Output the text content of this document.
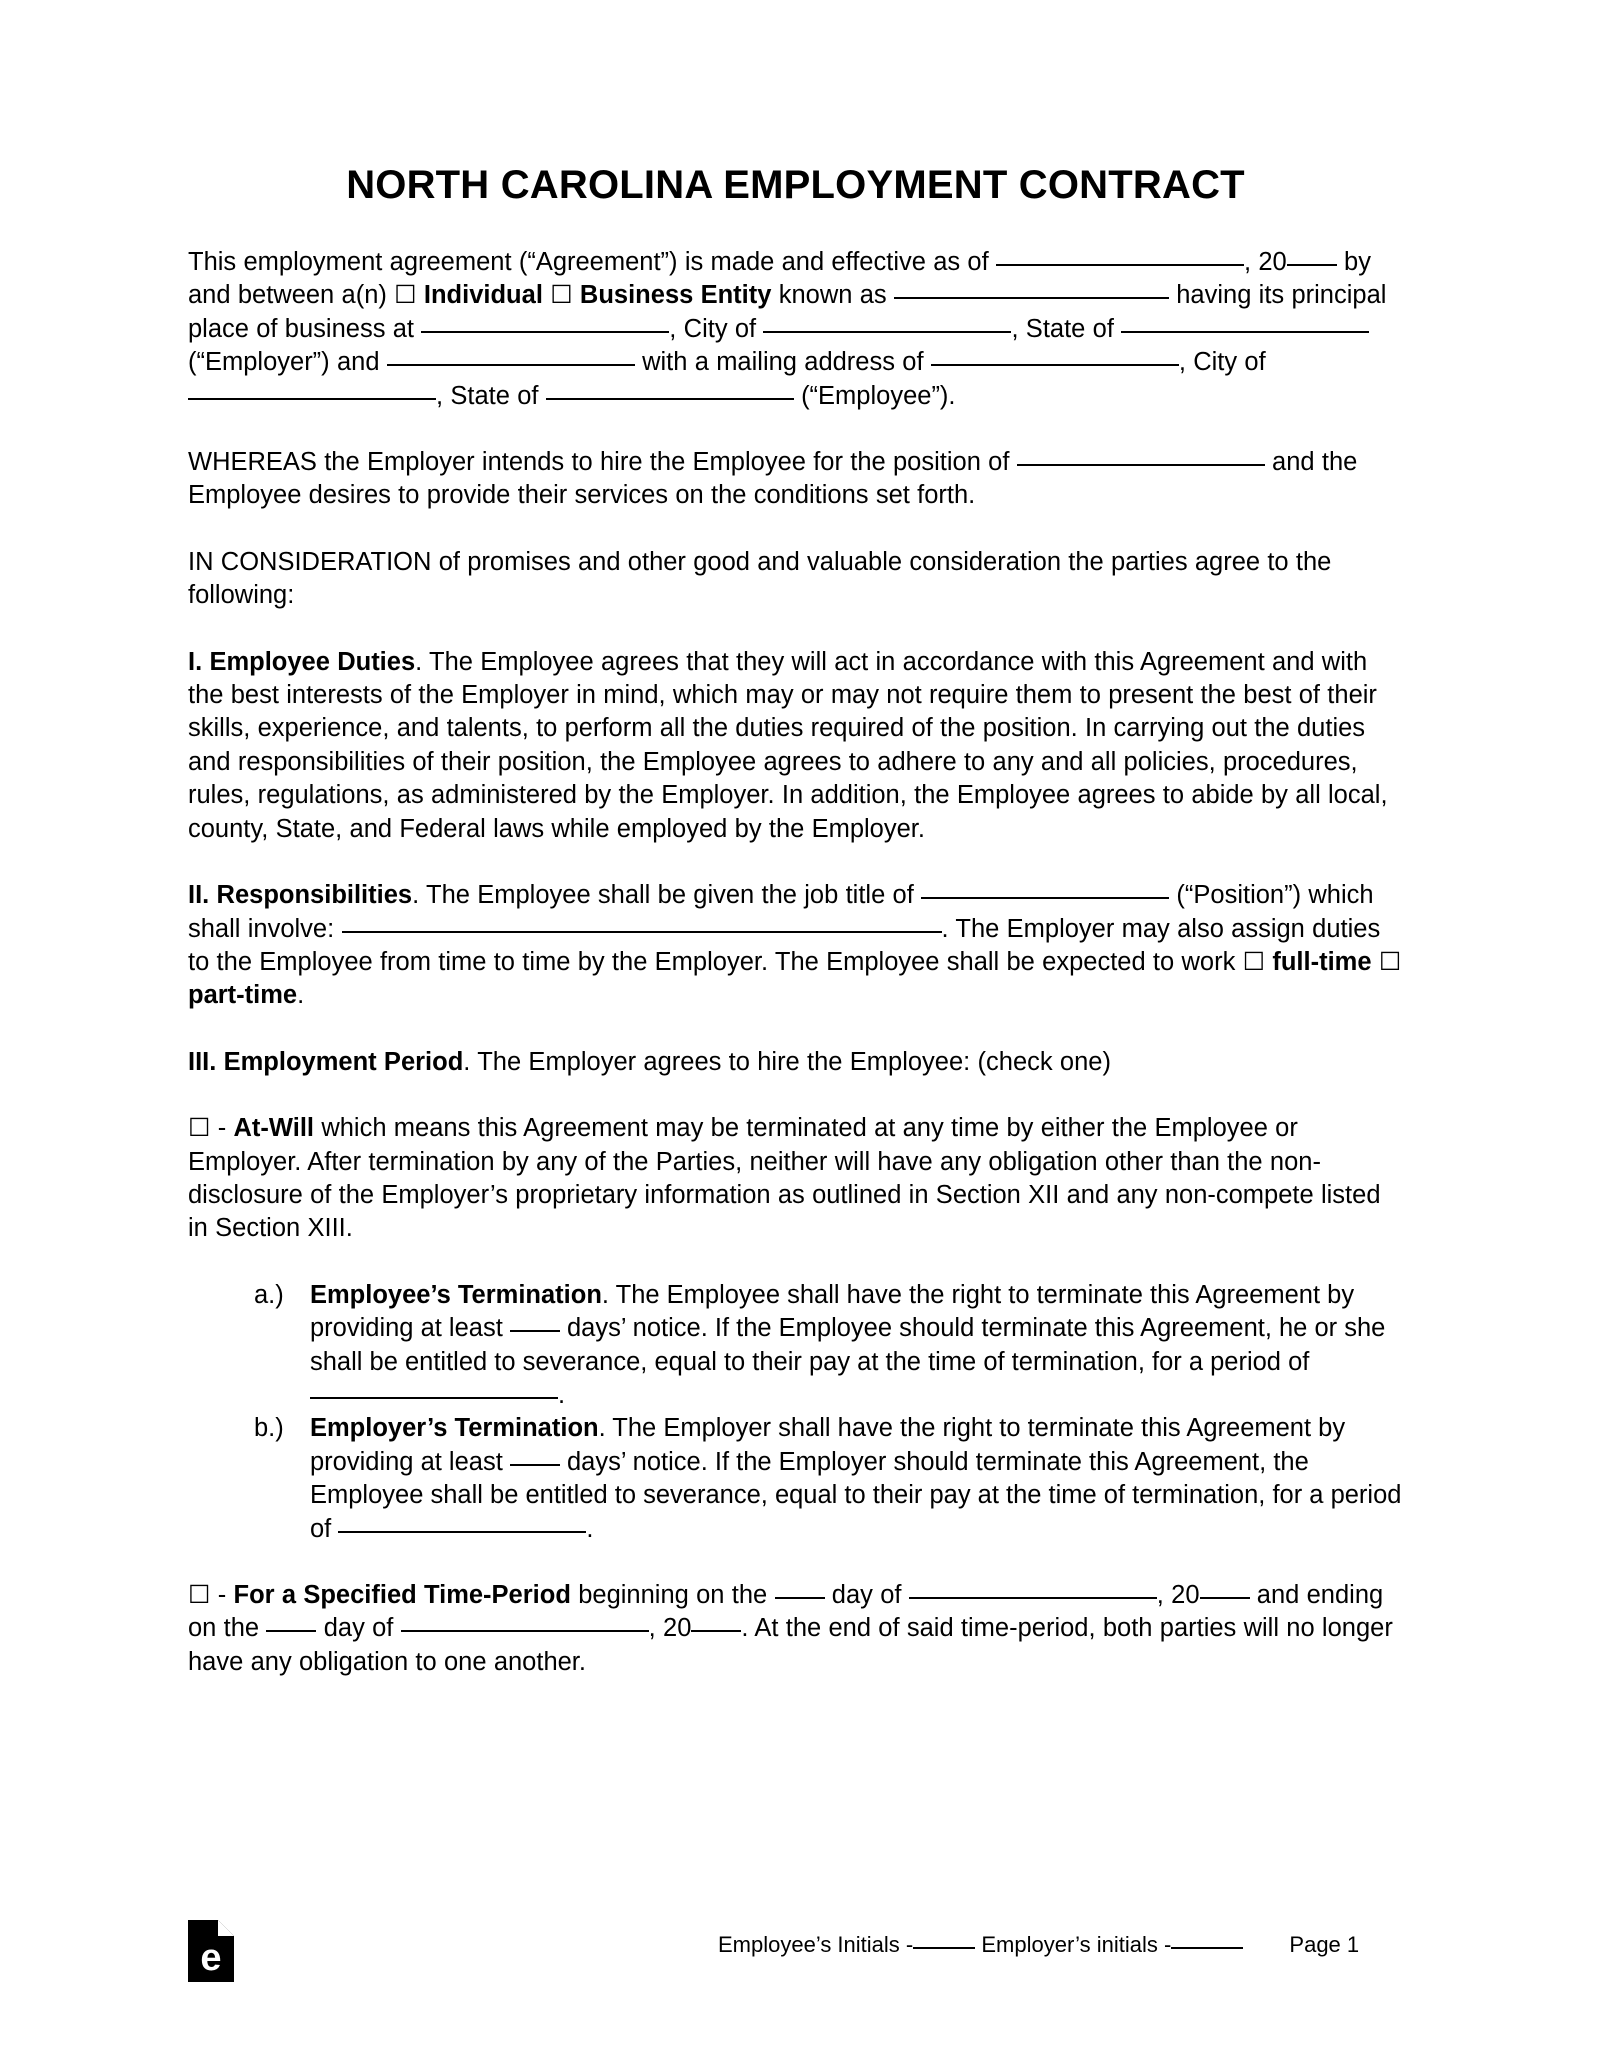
NORTH CAROLINA EMPLOYMENT CONTRACT

This employment agreement (“Agreement”) is made and effective as of	, 20 by and between a(n) ☐ Individual ☐ Business Entity known as	having its principal place of business at	, City of	, State of  (“Employer”) and	with a mailing address of	, City of , State of	(“Employee”).

WHEREAS the Employer intends to hire the Employee for the position of	and the Employee desires to provide their services on the conditions set forth.

IN CONSIDERATION of promises and other good and valuable consideration the parties agree to the following:

I. Employee Duties. The Employee agrees that they will act in accordance with this Agreement and with the best interests of the Employer in mind, which may or may not require them to present the best of their skills, experience, and talents, to perform all the duties required of the position. In carrying out the duties and responsibilities of their position, the Employee agrees to adhere to any and all policies, procedures, rules, regulations, as administered by the Employer. In addition, the Employee agrees to abide by all local, county, State, and Federal laws while employed by the Employer.

II. Responsibilities. The Employee shall be given the job title of	(“Position”) which shall involve:	. The Employer may also assign duties to the Employee from time to time by the Employer. The Employee shall be expected to work ☐ full-time ☐ part-time.

III. Employment Period. The Employer agrees to hire the Employee: (check one)

☐ - At-Will which means this Agreement may be terminated at any time by either the Employee or Employer. After termination by any of the Parties, neither will have any obligation other than the non-disclosure of the Employer’s proprietary information as outlined in Section XII and any non-compete listed in Section XIII.

a.)	Employee’s Termination. The Employee shall have the right to terminate this Agreement by providing at least	days’ notice. If the Employee should terminate this Agreement, he or she shall be entitled to severance, equal to their pay at the time of termination, for a period of .
b.)	Employer’s Termination. The Employer shall have the right to terminate this Agreement by providing at least	days’ notice. If the Employer should terminate this Agreement, the Employee shall be entitled to severance, equal to their pay at the time of termination, for a period of	.

☐ - For a Specified Time-Period beginning on the	day of	, 20 and ending on the	day of	, 20 . At the end of said time-period, both parties will no longer have any obligation to one another.

e	Employee’s Initials -	Employer’s initials -	Page 1
